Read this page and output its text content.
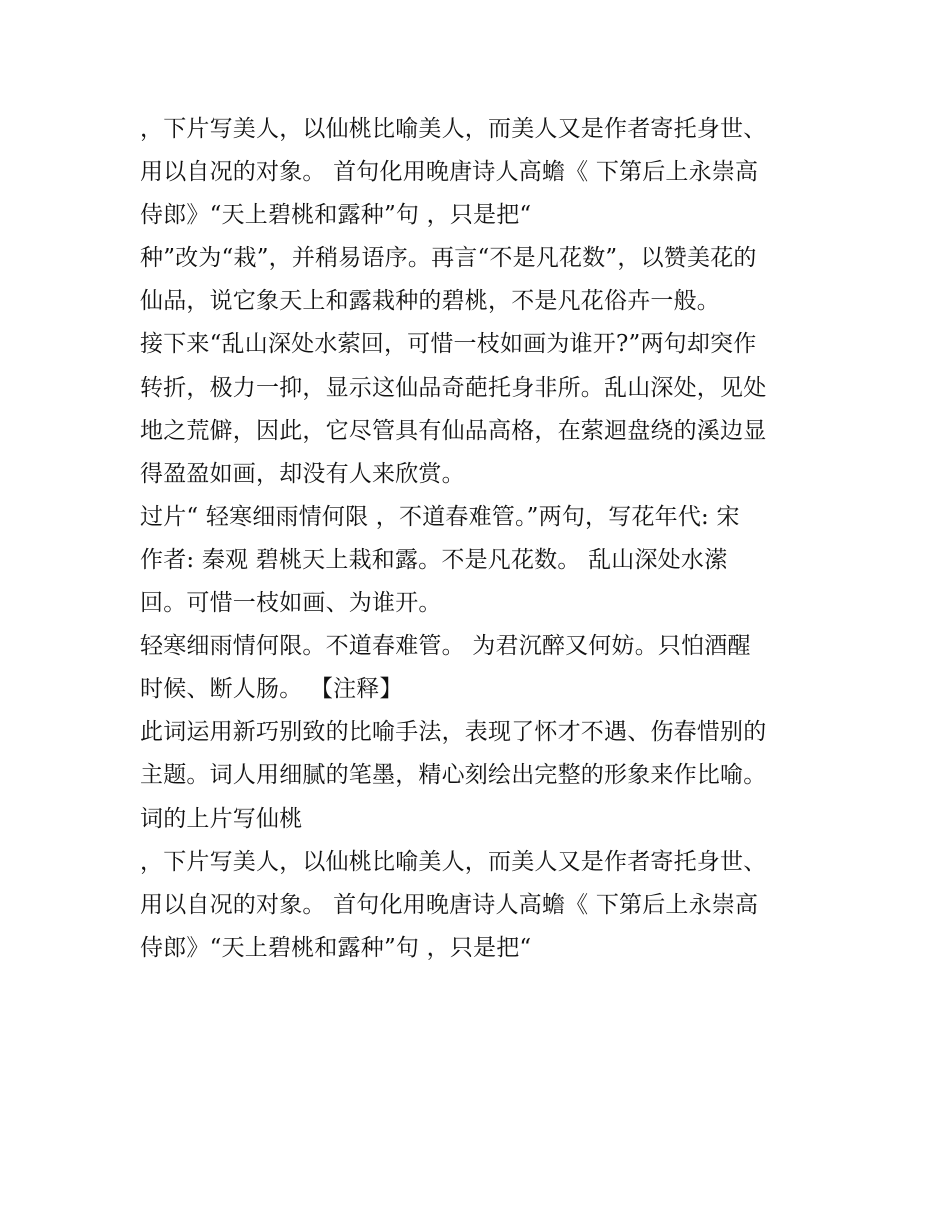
，下片写美人，以仙桃比喻美人，而美人又是作者寄托身世、
用以自况的对象。 首句化用晚唐诗人高蟾《 下第后上永崇高
侍郎》“天上碧桃和露种”句 ，只是把“
种”改为“栽”，并稍易语序。再言“不是凡花数”，以赞美花的
仙品，说它象天上和露栽种的碧桃，不是凡花俗卉一般。
接下来“乱山深处水萦回，可惜一枝如画为谁开?”两句却突作
转折，极力一抑，显示这仙品奇葩托身非所。乱山深处，见处
地之荒僻，因此，它尽管具有仙品高格，在萦迴盘绕的溪边显
得盈盈如画，却没有人来欣赏。
过片“ 轻寒细雨情何限 ，不道春难管。”两句，写花年代: 宋
作者: 秦观 碧桃天上栽和露。不是凡花数。 乱山深处水潆
回。可惜一枝如画、为谁开。
轻寒细雨情何限。不道春难管。 为君沉醉又何妨。只怕酒醒
时候、断人肠。 【注释】
此词运用新巧别致的比喻手法，表现了怀才不遇、伤春惜别的
主题。词人用细腻的笔墨，精心刻绘出完整的形象来作比喻。
词的上片写仙桃
，下片写美人，以仙桃比喻美人，而美人又是作者寄托身世、
用以自况的对象。 首句化用晚唐诗人高蟾《 下第后上永崇高
侍郎》“天上碧桃和露种”句 ，只是把“
